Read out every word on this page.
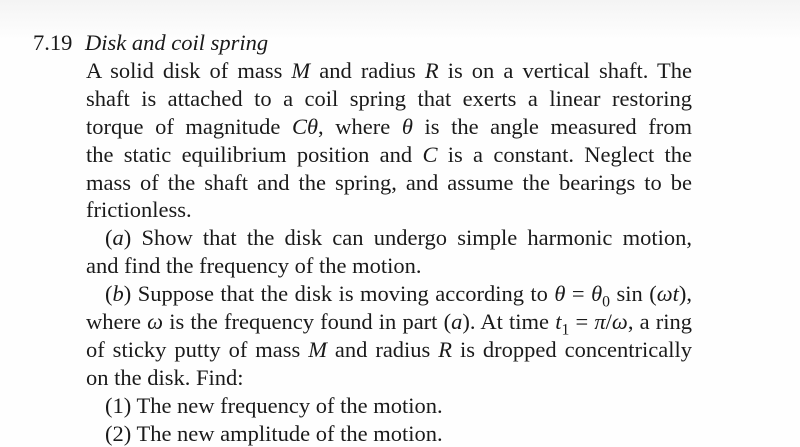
7.19 Disk and coil spring
A solid disk of mass M and radius R is on a vertical shaft. The
shaft is attached to a coil spring that exerts a linear restoring
torque of magnitude Cθ, where θ is the angle measured from
the static equilibrium position and C is a constant. Neglect the
mass of the shaft and the spring, and assume the bearings to be
frictionless.
(a) Show that the disk can undergo simple harmonic motion,
and find the frequency of the motion.
(b) Suppose that the disk is moving according to $\theta = \theta_0$ sin (ωt),
where ω is the frequency found in part (a). At time $t_1 = \pi/\omega$, a ring
of sticky putty of mass M and radius R is dropped concentrically
on the disk. Find:
(1) The new frequency of the motion.
(2) The new amplitude of the motion.
